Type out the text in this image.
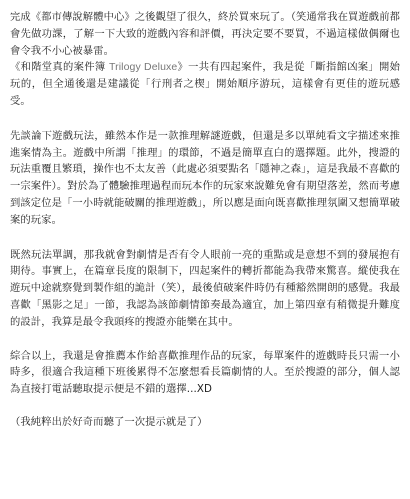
完成《都市傳說解體中心》之後觀望了很久，終於買來玩了。（笑通常我在買遊戲前都會先做功課，了解一下大致的遊戲內容和評價，再決定要不要買，不過這樣做偶爾也會令我不小心被暴雷。

《和階堂真的案件簿 Trilogy Deluxe》一共有四起案件，我是從「斷指館凶案」開始玩的，但全通後還是建議從「行刑者之楔」開始順序游玩，這樣會有更佳的遊玩感受。

先談論下遊戲玩法，雖然本作是一款推理解謎遊戲，但還是多以單純看文字描述來推進案情為主。遊戲中所謂「推理」的環節，不過是簡單直白的選擇題。此外，搜證的玩法重覆且繁瑣，操作也不太友善（此處必須要點名「隱神之森」，這是我最不喜歡的一宗案件）。對於為了體驗推理過程而玩本作的玩家來說難免會有期望落差，然而考慮到該定位是「一小時就能破關的推理遊戲」，所以應是面向既喜歡推理氛圍又想簡單破案的玩家。

既然玩法單調，那我就會對劇情是否有令人眼前一亮的重點或是意想不到的發展抱有期待。事實上，在篇章長度的限制下，四起案件的轉折都能為我帶來驚喜。縱使我在遊玩中途就察覺到製作組的詭計（笑），最後偵破案件時仍有種豁然開朗的感覺。我最喜歡「黑影之足」一節，我認為該節劇情節奏最為適宜，加上第四章有稍微提升難度的設計，我算是最令我頭疼的搜證亦能樂在其中。

綜合以上，我還是會推薦本作給喜歡推理作品的玩家，每單案件的遊戲時長只需一小時多，很適合我這種下班後累得不怎麼想看長篇劇情的人。至於搜證的部分，個人認為直接打電話聽取提示便是不錯的選擇...XD

（我純粹出於好奇而聽了一次提示就是了）
